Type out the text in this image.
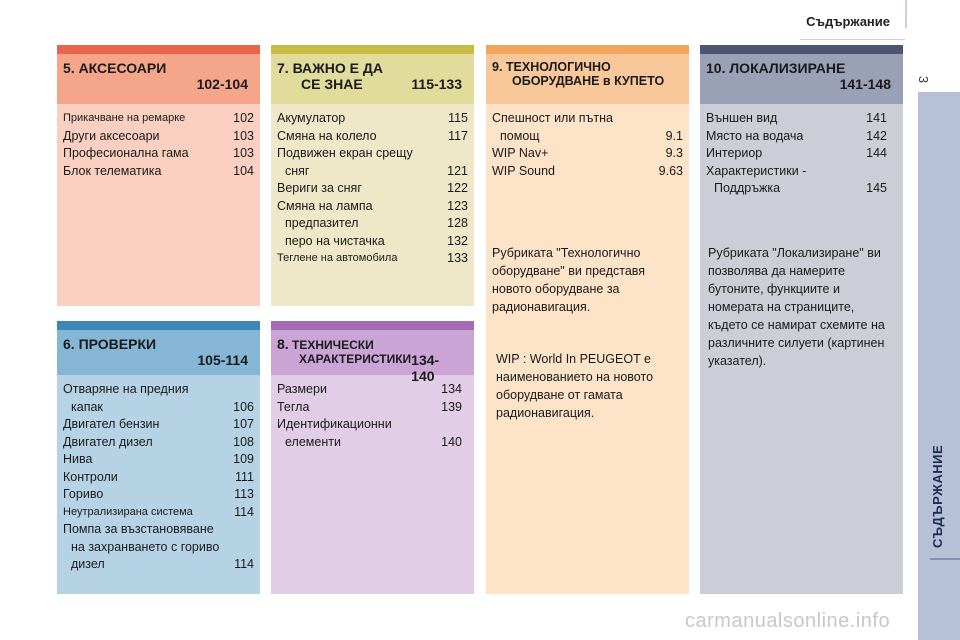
Съдържание
3
СЪДЪРЖАНИЕ
5. АКСЕСОАРИ
102-104
Прикачване на ремарке	102
Други аксесоари	103
Професионална гама	103
Блок телематика	104
7. ВАЖНО Е ДА
СЕ ЗНАЕ	115-133
Акумулатор	115
Смяна на колело	117
Подвижен екран срещу
сняг	121
Вериги за сняг	122
Смяна на лампа	123
предпазител	128
перо на чистачка	132
Теглене на автомобила	133
9. ТЕХНОЛОГИЧНО
ОБОРУДВАНЕ в КУПЕТО
Спешност или пътна
помощ	9.1
WIP Nav+	9.3
WIP Sound	9.63
Рубриката "Технологично оборудване" ви представя новото оборудване за радионавигация.
WIP : World In PEUGEOT е наименованието на новото оборудване от гамата радионавигация.
10. ЛОКАЛИЗИРАНЕ
141-148
Външен вид	141
Място на водача	142
Интериор	144
Характеристики -
Поддръжка	145
Рубриката "Локализиране" ви позволява да намерите бутоните, функциите и номерата на страниците, където се намират схемите на различните силуети (картинен указател).
6. ПРОВЕРКИ
105-114
Отваряне на предния
капак	106
Двигател бензин	107
Двигател дизел	108
Нива	109
Контроли	111
Гориво	113
Неутрализирана система	114
Помпа за възстановяване
на захранването с гориво
дизел	114
8. ТЕХНИЧЕСКИ
ХАРАКТЕРИСТИКИ 134-140
Размери	134
Тегла	139
Идентификационни
елементи	140
carmanualsonline.info
